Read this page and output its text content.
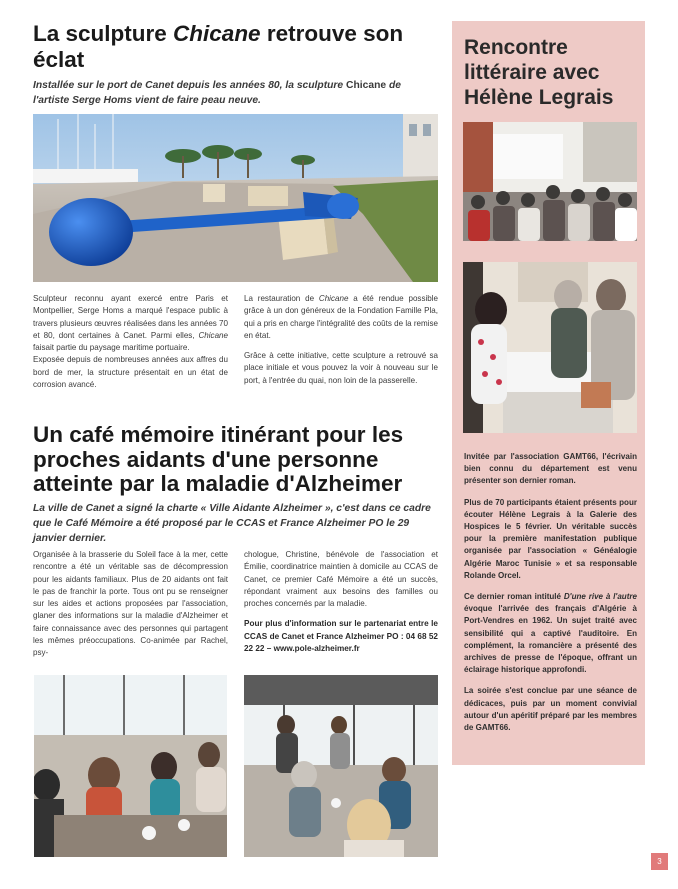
La sculpture Chicane retrouve son éclat
Installée sur le port de Canet depuis les années 80, la sculpture Chicane de l'artiste Serge Homs vient de faire peau neuve.

Sculpteur reconnu ayant exercé entre Paris et Montpellier, Serge Homs a marqué l'espace public à travers plusieurs œuvres réalisées dans les années 70 et 80, dont certaines à Canet. Parmi elles, Chicane faisait partie du paysage maritime portuaire.

Exposée depuis de nombreuses années aux affres du bord de mer, la structure présentait en un état de corrosion avancé.

La restauration de Chicane a été rendue possible grâce à un don généreux de la Fondation Famille Pla, qui a pris en charge l'intégralité des coûts de la remise en état.

Grâce à cette initiative, cette sculpture a retrouvé sa place initiale et vous pouvez la voir à nouveau sur le port, à l'entrée du quai, non loin de la passerelle.

Un café mémoire itinérant pour les proches aidants d'une personne atteinte par la maladie d'Alzheimer
La ville de Canet a signé la charte « Ville Aidante Alzheimer », c'est dans ce cadre que le Café Mémoire a été proposé par le CCAS et France Alzheimer PO le 29 janvier dernier.
Organisée à la brasserie du Soleil face à la mer, cette rencontre a été un véritable sas de décompression pour les aidants familiaux. Plus de 20 aidants ont fait le pas de franchir la porte. Tous ont pu se renseigner sur les aides et actions proposées par l'association, glaner des informations sur la maladie d'Alzheimer et faire connaissance avec des personnes qui partagent les mêmes préoccupations. Co-animée par Rachel, psy-

chologue, Christine, bénévole de l'association et Émilie, coordinatrice maintien à domicile au CCAS de Canet, ce premier Café Mémoire a été un succès, répondant vraiment aux besoins des familles ou proches concernés par la maladie.

Pour plus d'information sur le partenariat entre le CCAS de Canet et France Alzheimer PO : 04 68 52 22 22 – www.pole-alzheimer.fr

Rencontre littéraire avec Hélène Legrais

Invitée par l'association GAMT66, l'écrivain bien connu du département est venu présenter son dernier roman.

Plus de 70 participants étaient présents pour écouter Hélène Legrais à la Galerie des Hospices le 5 février. Un véritable succès pour la première manifestation publique organisée par l'association « Généalogie Algérie Maroc Tunisie » et sa responsable Rolande Orcel.

Ce dernier roman intitulé D'une rive à l'autre évoque l'arrivée des français d'Algérie à Port-Vendres en 1962. Un sujet traité avec sensibilité qui a captivé l'auditoire. En complément, la romancière a présenté des archives de presse de l'époque, offrant un éclairage historique approfondi.

La soirée s'est conclue par une séance de dédicaces, puis par un moment convivial autour d'un apéritif préparé par les membres de GAMT66.

3
